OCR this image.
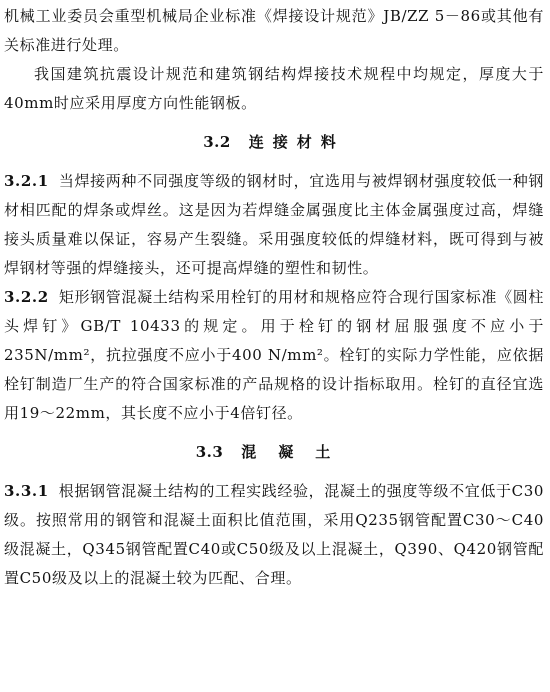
机械工业委员会重型机械局企业标准《焊接设计规范》JB/ZZ 5－86或其他有关标准进行处理。

我国建筑抗震设计规范和建筑钢结构焊接技术规程中均规定，厚度大于40mm时应采用厚度方向性能钢板。

3.2 连接材料

3.2.1 当焊接两种不同强度等级的钢材时，宜选用与被焊钢材强度较低一种钢材相匹配的焊条或焊丝。这是因为若焊缝金属强度比主体金属强度过高，焊缝接头质量难以保证，容易产生裂缝。采用强度较低的焊缝材料，既可得到与被焊钢材等强的焊缝接头，还可提高焊缝的塑性和韧性。

3.2.2 矩形钢管混凝土结构采用栓钉的用材和规格应符合现行国家标准《圆柱头焊钉》GB/T 10433的规定。用于栓钉的钢材屈服强度不应小于235N/mm²，抗拉强度不应小于400 N/mm²。栓钉的实际力学性能，应依据栓钉制造厂生产的符合国家标准的产品规格的设计指标取用。栓钉的直径宜选用19～22mm，其长度不应小于4倍钉径。

3.3 混凝土

3.3.1 根据钢管混凝土结构的工程实践经验，混凝土的强度等级不宜低于C30级。按照常用的钢管和混凝土面积比值范围，采用Q235钢管配置C30～C40级混凝土，Q345钢管配置C40或C50级及以上混凝土，Q390、Q420钢管配置C50级及以上的混凝土较为匹配、合理。
